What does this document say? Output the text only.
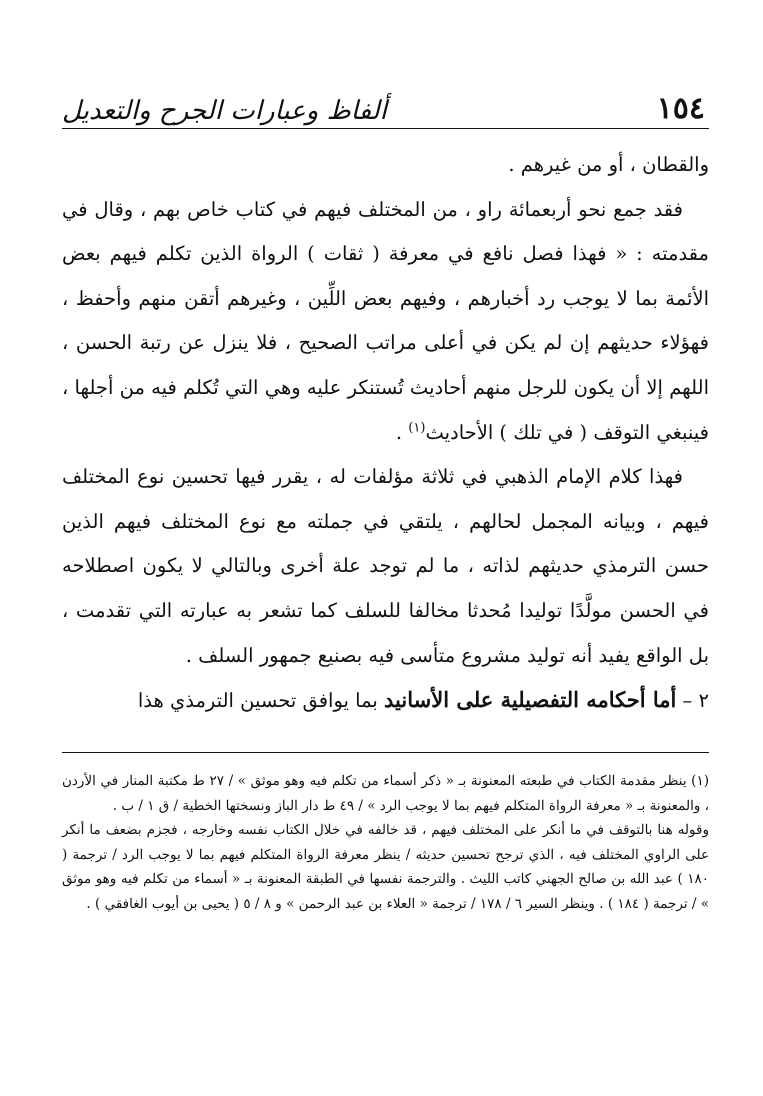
١٥٤
ألفاظ وعبارات الجرح والتعديل

والقطان ، أو من غيرهم .

فقد جمع نحو أربعمائة راو ، من المختلف فيهم في كتاب خاص بهم ، وقال في مقدمته : « فهذا فصل نافع في معرفة ( ثقات ) الرواة الذين تكلم فيهم بعض الأئمة بما لا يوجب رد أخبارهم ، وفيهم بعض اللِّين ، وغيرهم أتقن منهم وأحفظ ، فهؤلاء حديثهم إن لم يكن في أعلى مراتب الصحيح ، فلا ينزل عن رتبة الحسن ، اللهم إلا أن يكون للرجل منهم أحاديث تُستنكر عليه وهي التي تُكلم فيه من أجلها ، فينبغي التوقف ( في تلك ) الأحاديث$^{(١)}$ .

فهذا كلام الإمام الذهبي في ثلاثة مؤلفات له ، يقرر فيها تحسين نوع المختلف فيهم ، وبيانه المجمل لحالهم ، يلتقي في جملته مع نوع المختلف فيهم الذين حسن الترمذي حديثهم لذاته ، ما لم توجد علة أخرى وبالتالي لا يكون اصطلاحه في الحسن مولَّدًا توليدا مُحدثا مخالفا للسلف كما تشعر به عبارته التي تقدمت ، بل الواقع يفيد أنه توليد مشروع متأسى فيه بصنيع جمهور السلف .

٢ – أما أحكامه التفصيلية على الأسانيد بما يوافق تحسين الترمذي هذا

(١) ينظر مقدمة الكتاب في طبعته المعنونة بـ « ذكر أسماء من تكلم فيه وهو موثق » / ٢٧ ط مكتبة المنار في الأردن ، والمعنونة بـ « معرفة الرواة المتكلم فيهم بما لا يوجب الرد » / ٤٩ ط دار الباز ونسختها الخطية / ق ١ / ب .

وقوله هنا بالتوقف في ما أنكر على المختلف فيهم ، قد خالفه في خلال الكتاب نفسه وخارجه ، فجزم بضعف ما أنكر على الراوي المختلف فيه ، الذي ترجح تحسين حديثه / ينظر معرفة الرواة المتكلم فيهم بما لا يوجب الرد / ترجمة ( ١٨٠ ) عبد الله بن صالح الجهني كاتب الليث . والترجمة نفسها في الطبقة المعنونة بـ « أسماء من تكلم فيه وهو موثق » / ترجمة ( ١٨٤ ) . وينظر السير ٦ / ١٧٨ / ترجمة « العلاء بن عبد الرحمن » و ٨ / ٥ ( يحيى بن أيوب الغافقي ) .
